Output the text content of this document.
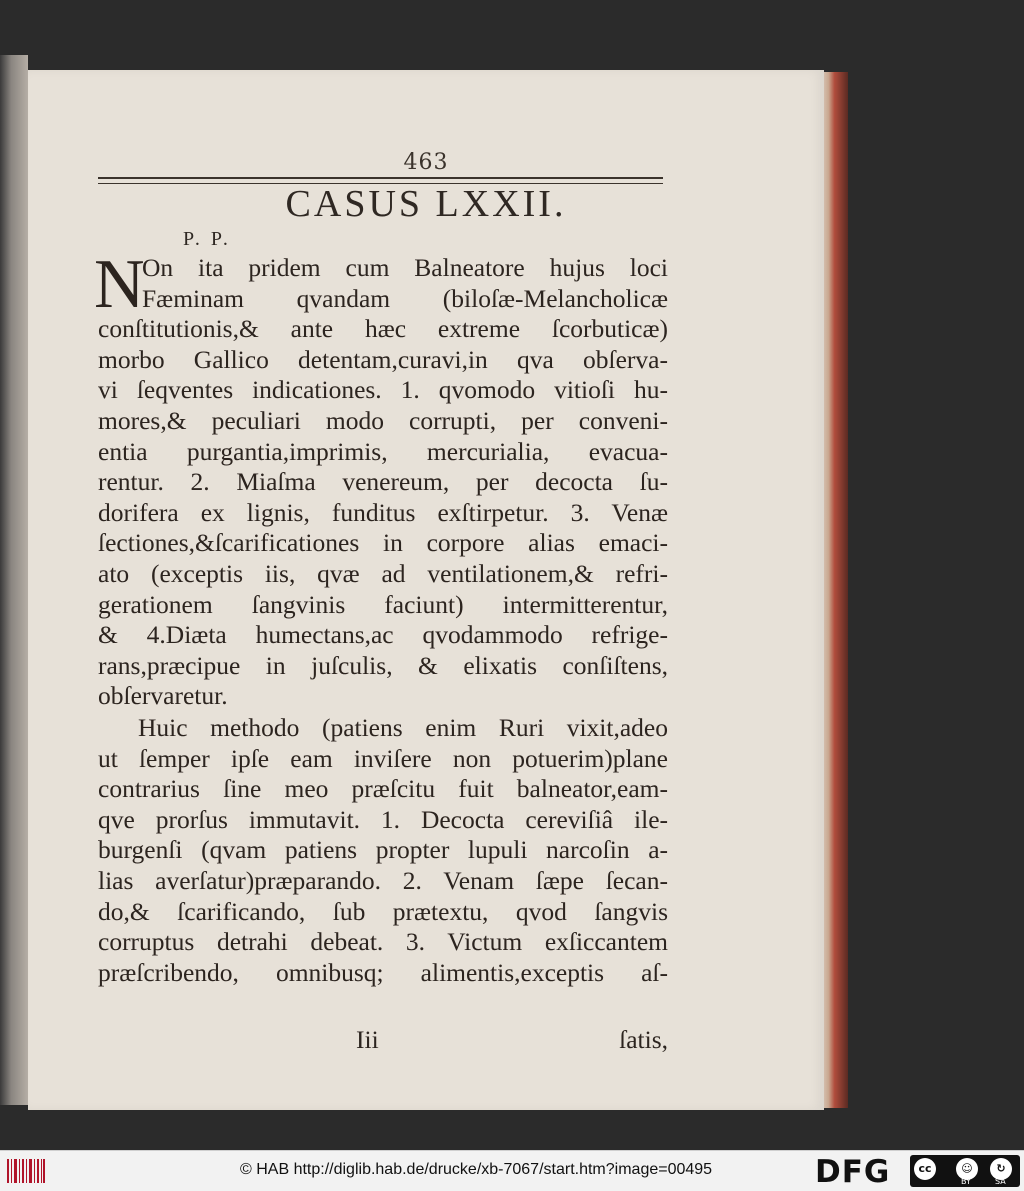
463
CASUS LXXII.
P. P.
N
On ita pridem cum Balneatore hujus loci
Fæminam qvandam (biloſæ-Melancholicæ
conſtitutionis,& ante hæc extreme ſcorbuticæ)
morbo Gallico detentam,curavi,in qva obſerva-
vi ſeqventes indicationes. 1. qvomodo vitioſi hu-
mores,& peculiari modo corrupti, per conveni-
entia purgantia,imprimis, mercurialia, evacua-
rentur. 2. Miaſma venereum, per decocta ſu-
dorifera ex lignis, funditus exſtirpetur. 3. Venæ
ſectiones,&ſcarificationes in corpore alias emaci-
ato (exceptis iis, qvæ ad ventilationem,& refri-
gerationem ſangvinis faciunt) intermitterentur,
& 4.Diæta humectans,ac qvodammodo refrige-
rans,præcipue in juſculis, & elixatis conſiſtens,
obſervaretur.
Huic methodo (patiens enim Ruri vixit,adeo
ut ſemper ipſe eam inviſere non potuerim)plane
contrarius ſine meo præſcitu fuit balneator,eam-
qve prorſus immutavit. 1. Decocta cereviſiâ ile-
burgenſi (qvam patiens propter lupuli narcoſin a-
lias averſatur)præparando. 2. Venam ſæpe ſecan-
do,& ſcarificando, ſub prætextu, qvod ſangvis
corruptus detrahi debeat. 3. Victum exſiccantem
præſcribendo, omnibusq; alimentis,exceptis aſ-
Iii	ſatis,
© HAB http://diglib.hab.de/drucke/xb-7067/start.htm?image=00495	DFG	cc	☺	↻
BY	SA
